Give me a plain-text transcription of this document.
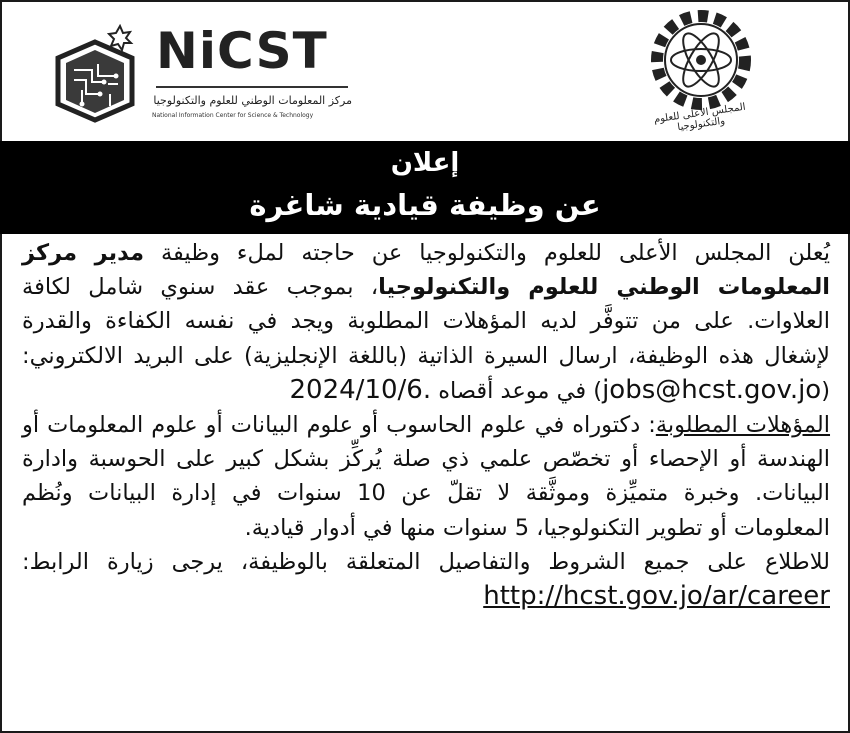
NiCST
مركز المعلومات الوطني للعلوم والتكنولوجيا
National Information Center for Science & Technology	المجلس الأعلى للعلوم والتكنولوجيا
إعلان
عن وظيفة قيادية شاغرة

يُعلن المجلس الأعلى للعلوم والتكنولوجيا عن حاجته لملء وظيفة مدير مركز المعلومات الوطني للعلوم والتكنولوجيا، بموجب عقد سنوي شامل لكافة العلاوات. على من تتوفَّر لديه المؤهلات المطلوبة ويجد في نفسه الكفاءة والقدرة لإشغال هذه الوظيفة، ارسال السيرة الذاتية (باللغة الإنجليزية) على البريد الالكتروني: (jobs@hcst.gov.jo) في موعد أقصاه 2024/10/6.

المؤهلات المطلوبة: دكتوراه في علوم الحاسوب أو علوم البيانات أو علوم المعلومات أو الهندسة أو الإحصاء أو تخصّص علمي ذي صلة يُركِّز بشكل كبير على الحوسبة وادارة البيانات. وخبرة متميِّزة وموثَّقة لا تقلّ عن 10 سنوات في إدارة البيانات ونُظم المعلومات أو تطوير التكنولوجيا، 5 سنوات منها في أدوار قيادية.

للاطلاع على جميع الشروط والتفاصيل المتعلقة بالوظيفة، يرجى زيارة الرابط: http://hcst.gov.jo/ar/career
